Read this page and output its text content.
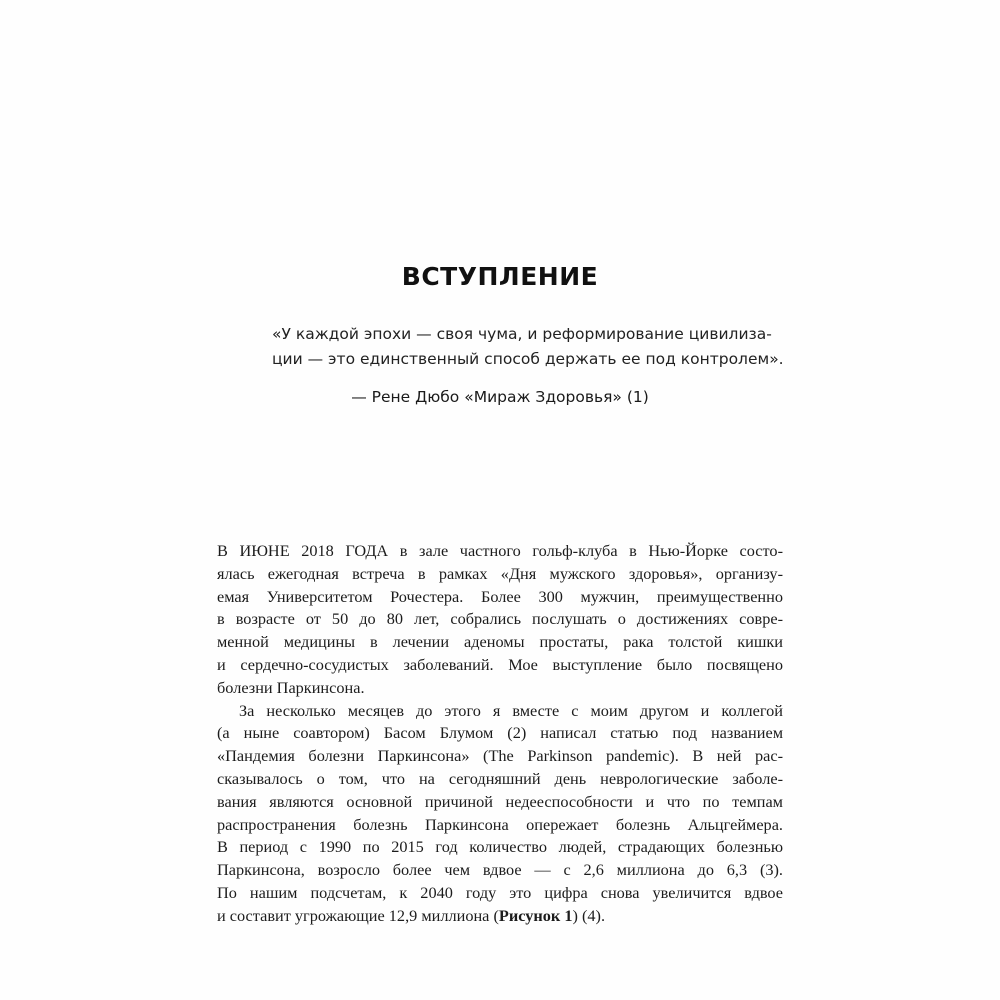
ВСТУПЛЕНИЕ
«У каждой эпохи — своя чума, и реформирование цивилиза-
ции — это единственный способ держать ее под контролем».
— Рене Дюбо «Мираж Здоровья» (1)
В ИЮНЕ 2018 ГОДА в зале частного гольф-клуба в Нью-Йорке состо-
ялась ежегодная встреча в рамках «Дня мужского здоровья», организу-
емая Университетом Рочестера. Более 300 мужчин, преимущественно
в возрасте от 50 до 80 лет, собрались послушать о достижениях совре-
менной медицины в лечении аденомы простаты, рака толстой кишки
и сердечно-сосудистых заболеваний. Мое выступление было посвящено
болезни Паркинсона.
За несколько месяцев до этого я вместе с моим другом и коллегой
(а ныне соавтором) Басом Блумом (2) написал статью под названием
«Пандемия болезни Паркинсона» (The Parkinson pandemic). В ней рас-
сказывалось о том, что на сегодняшний день неврологические заболе-
вания являются основной причиной недееспособности и что по темпам
распространения болезнь Паркинсона опережает болезнь Альцгеймера.
В период с 1990 по 2015 год количество людей, страдающих болезнью
Паркинсона, возросло более чем вдвое — с 2,6 миллиона до 6,3 (3).
По нашим подсчетам, к 2040 году это цифра снова увеличится вдвое
и составит угрожающие 12,9 миллиона (Рисунок 1) (4).
